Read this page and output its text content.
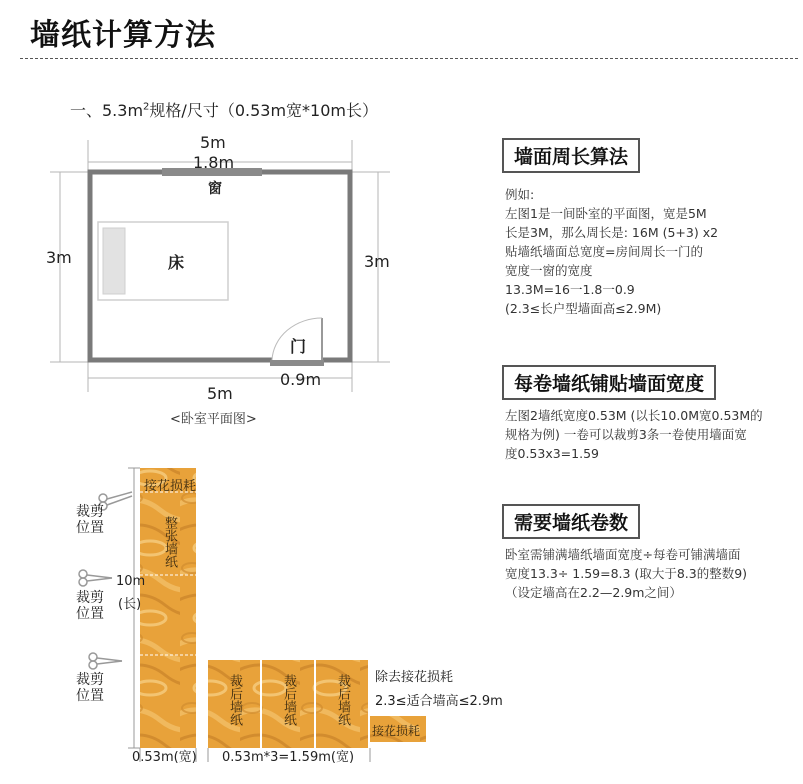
墙纸计算方法
一、$5.3m^2$规格/尺寸（0.53m宽*10m长）
5m
1.8m
窗
3m	3m
床
门
0.9m
5m
<卧室平面图>
墙面周长算法
例如:
左图1是一间卧室的平面图，宽是5M
长是3M，那么周长是: 16M (5+3) x2
贴墙纸墙面总宽度=房间周长一门的
宽度一窗的宽度
13.3M=16一1.8一0.9
(2.3≤长户型墙面高≤2.9M)
每卷墙纸铺贴墙面宽度
左图2墙纸宽度0.53M (以长10.0M宽0.53M的
规格为例) 一卷可以裁剪3条一卷使用墙面宽
度0.53x3=1.59
需要墙纸卷数
卧室需铺满墙纸墙面宽度÷每卷可铺满墙面
宽度13.3÷ 1.59=8.3 (取大于8.3的整数9)
（设定墙高在2.2—2.9m之间）
接花损耗
整张墙纸
裁剪位置
裁剪位置
裁剪位置
10m
(长)
0.53m(宽)
裁后墙纸	裁后墙纸	裁后墙纸
接花损耗
除去接花损耗
2.3≤适合墙高≤2.9m
0.53m*3=1.59m(宽)
